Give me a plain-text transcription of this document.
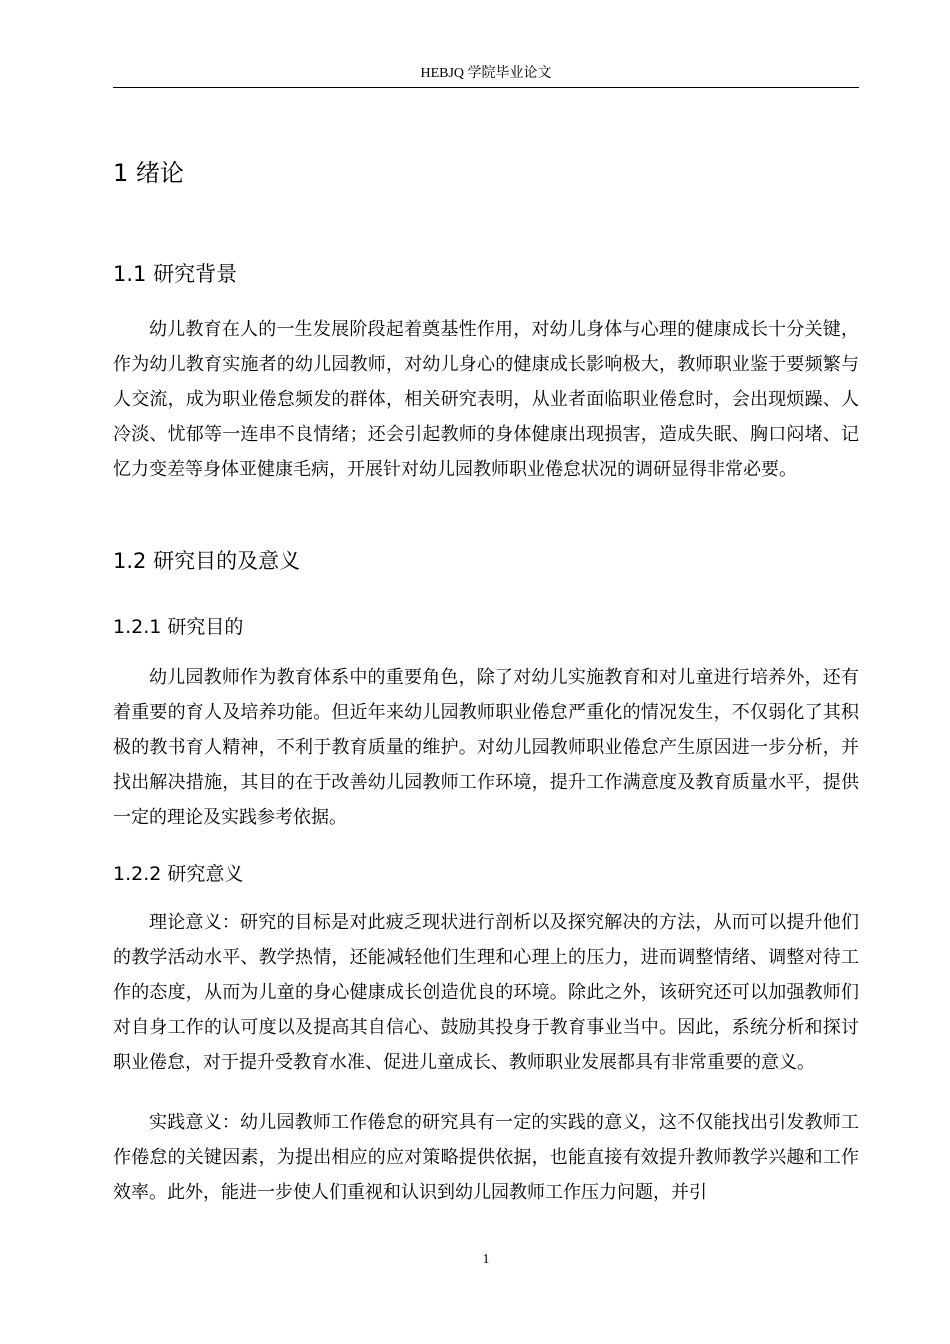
HEBJQ 学院毕业论文
1 绪论
1.1 研究背景

幼儿教育在人的一生发展阶段起着奠基性作用，对幼儿身体与心理的健康成长十分关键，作为幼儿教育实施者的幼儿园教师，对幼儿身心的健康成长影响极大，教师职业鉴于要频繁与人交流，成为职业倦怠频发的群体，相关研究表明，从业者面临职业倦怠时，会出现烦躁、人冷淡、忧郁等一连串不良情绪；还会引起教师的身体健康出现损害，造成失眠、胸口闷堵、记忆力变差等身体亚健康毛病，开展针对幼儿园教师职业倦怠状况的调研显得非常必要。

1.2 研究目的及意义
1.2.1 研究目的

幼儿园教师作为教育体系中的重要角色，除了对幼儿实施教育和对儿童进行培养外，还有着重要的育人及培养功能。但近年来幼儿园教师职业倦怠严重化的情况发生，不仅弱化了其积极的教书育人精神，不利于教育质量的维护。对幼儿园教师职业倦怠产生原因进一步分析，并找出解决措施，其目的在于改善幼儿园教师工作环境，提升工作满意度及教育质量水平，提供一定的理论及实践参考依据。

1.2.2 研究意义

理论意义：研究的目标是对此疲乏现状进行剖析以及探究解决的方法，从而可以提升他们的教学活动水平、教学热情，还能减轻他们生理和心理上的压力，进而调整情绪、调整对待工作的态度，从而为儿童的身心健康成长创造优良的环境。除此之外，该研究还可以加强教师们对自身工作的认可度以及提高其自信心、鼓励其投身于教育事业当中。因此，系统分析和探讨职业倦怠，对于提升受教育水准、促进儿童成长、教师职业发展都具有非常重要的意义。

实践意义：幼儿园教师工作倦怠的研究具有一定的实践的意义，这不仅能找出引发教师工作倦怠的关键因素，为提出相应的应对策略提供依据，也能直接有效提升教师教学兴趣和工作效率。此外，能进一步使人们重视和认识到幼儿园教师工作压力问题，并引

1
